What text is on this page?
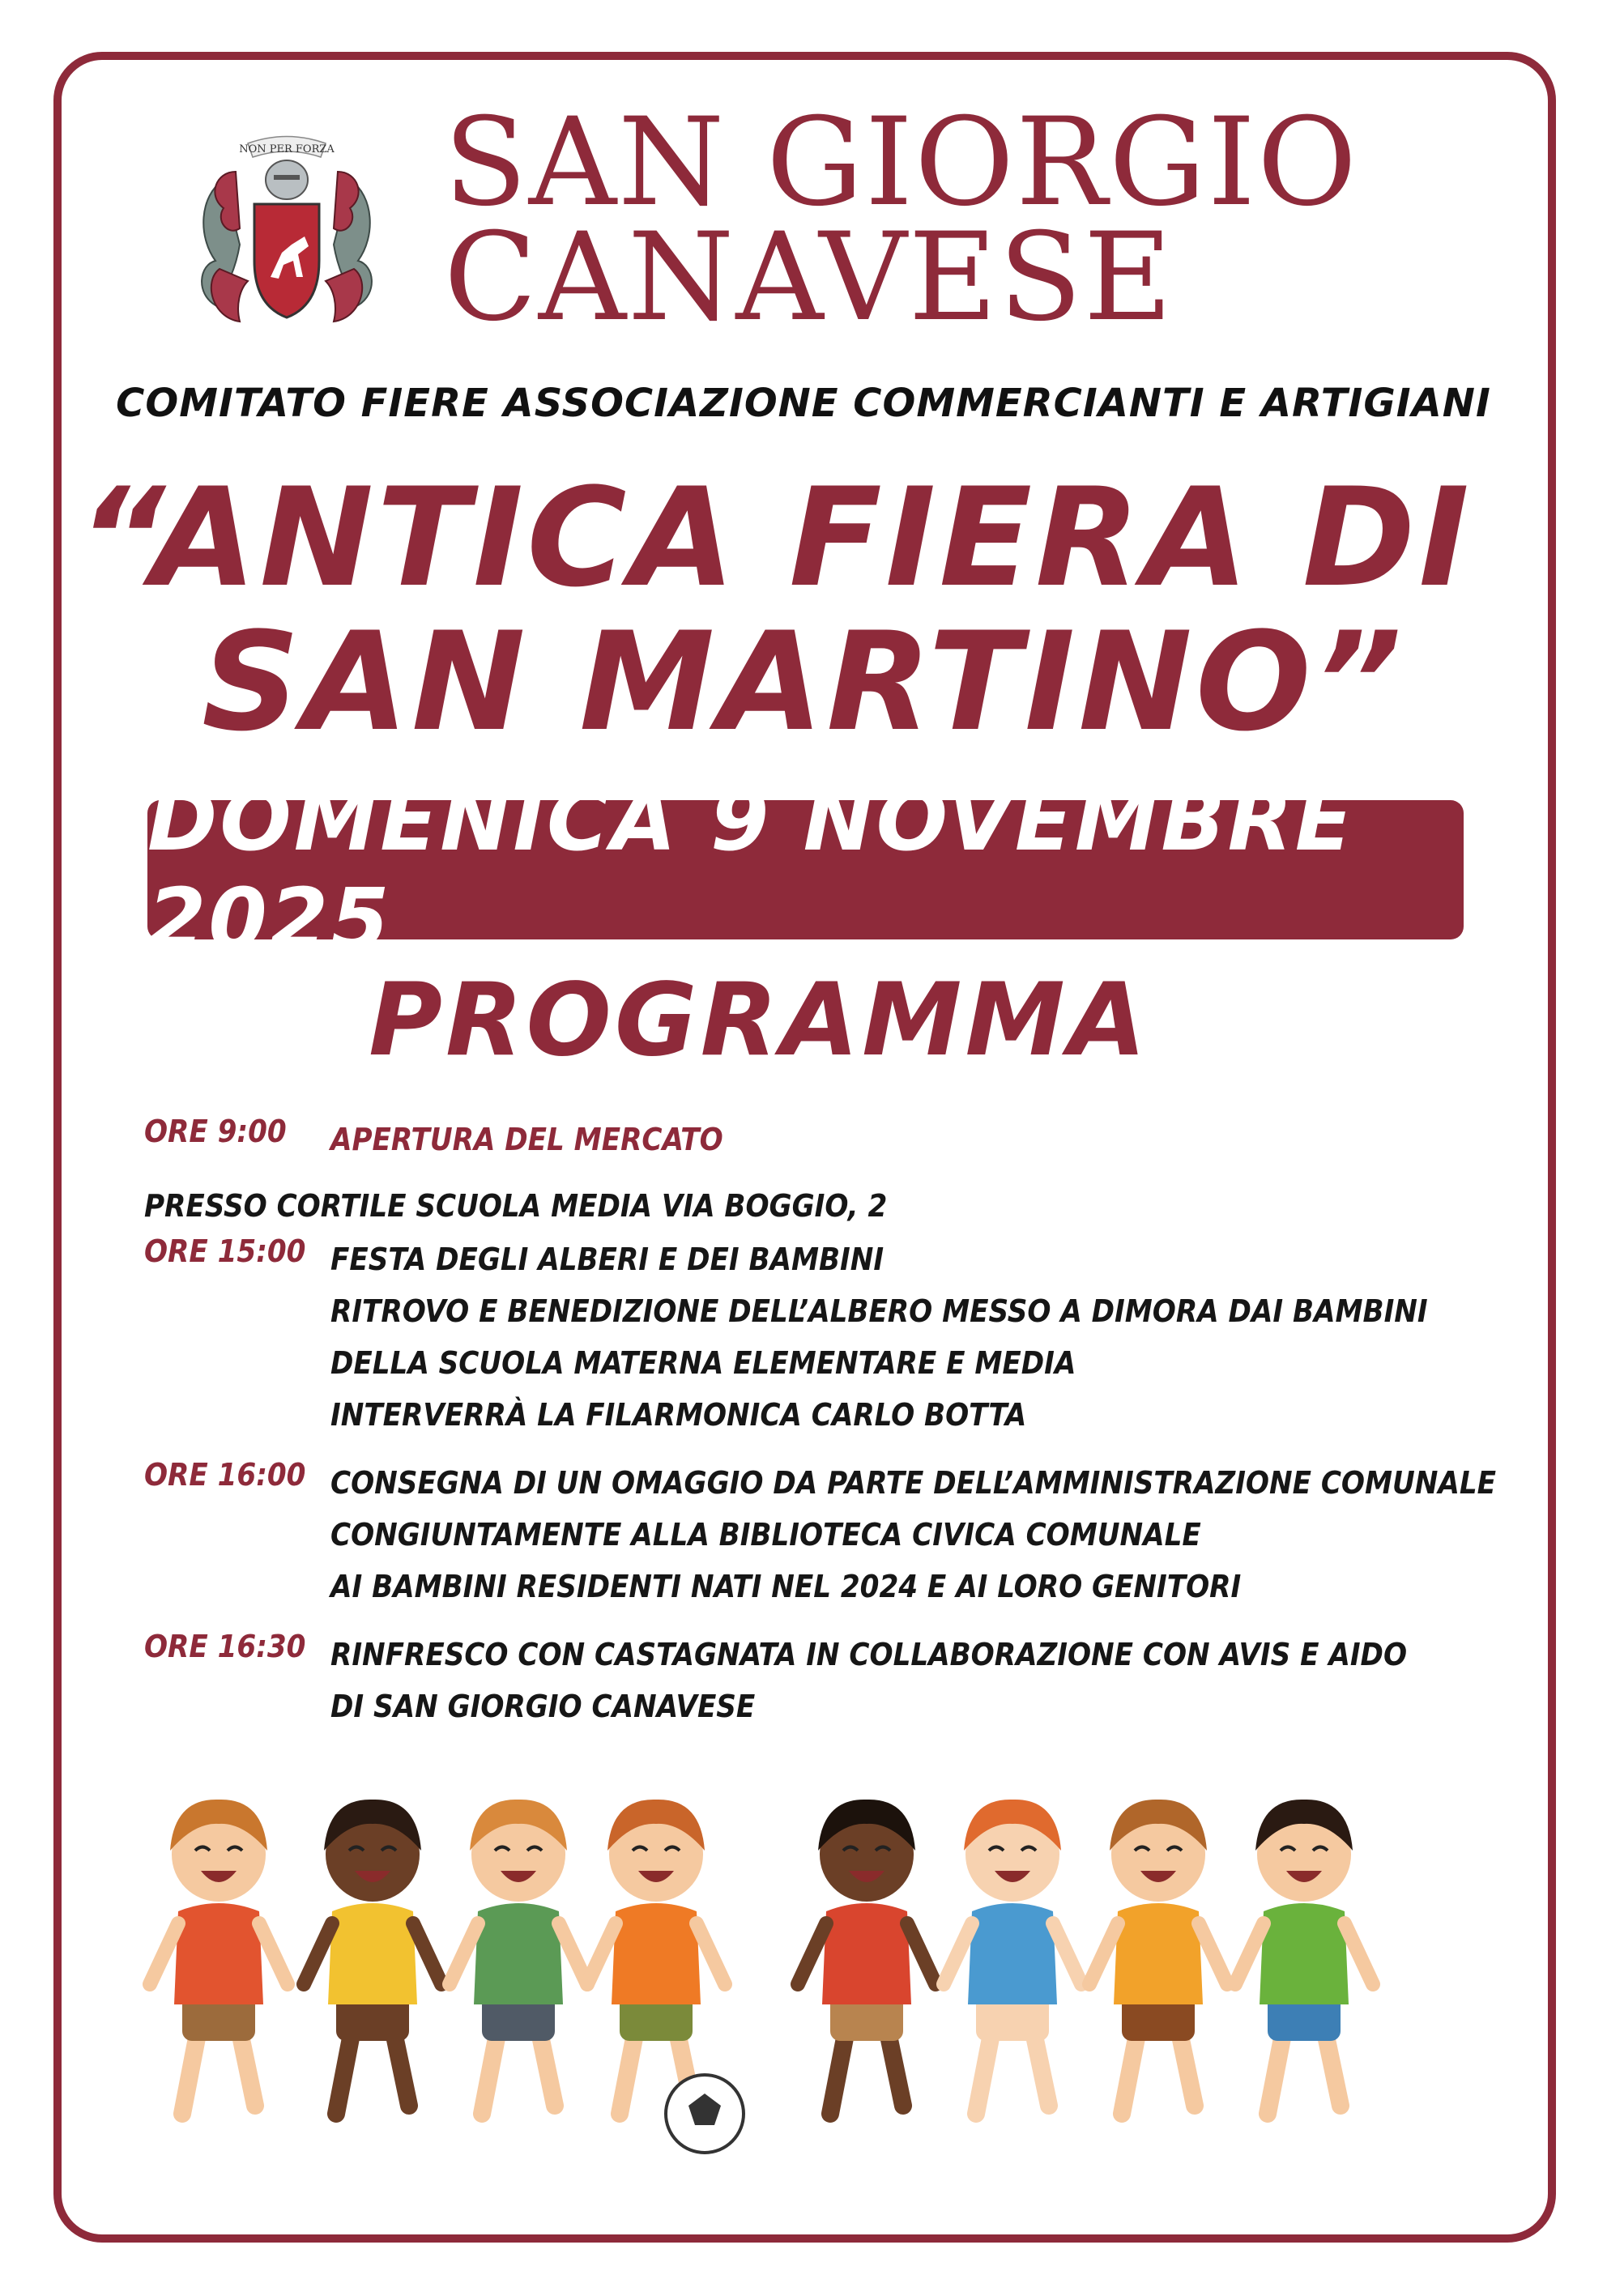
NON PER FORZA SAN GIORGIO
CANAVESE
COMITATO FIERE ASSOCIAZIONE COMMERCIANTI E ARTIGIANI
“ANTICA FIERA DI
SAN MARTINO”
DOMENICA 9 NOVEMBRE 2025
PROGRAMMA
ORE 9:00	APERTURA DEL MERCATO
PRESSO CORTILE SCUOLA MEDIA VIA BOGGIO, 2
ORE 15:00 FESTA DEGLI ALBERI E DEI BAMBINI
RITROVO E BENEDIZIONE DELL’ALBERO MESSO A DIMORA DAI BAMBINI
DELLA SCUOLA MATERNA ELEMENTARE E MEDIA
INTERVERRÀ LA FILARMONICA CARLO BOTTA
ORE 16:00 CONSEGNA DI UN OMAGGIO DA PARTE DELL’AMMINISTRAZIONE COMUNALE
CONGIUNTAMENTE ALLA BIBLIOTECA CIVICA COMUNALE
AI BAMBINI RESIDENTI NATI NEL 2024 E AI LORO GENITORI
ORE 16:30 RINFRESCO CON CASTAGNATA IN COLLABORAZIONE CON AVIS E AIDO
DI SAN GIORGIO CANAVESE
